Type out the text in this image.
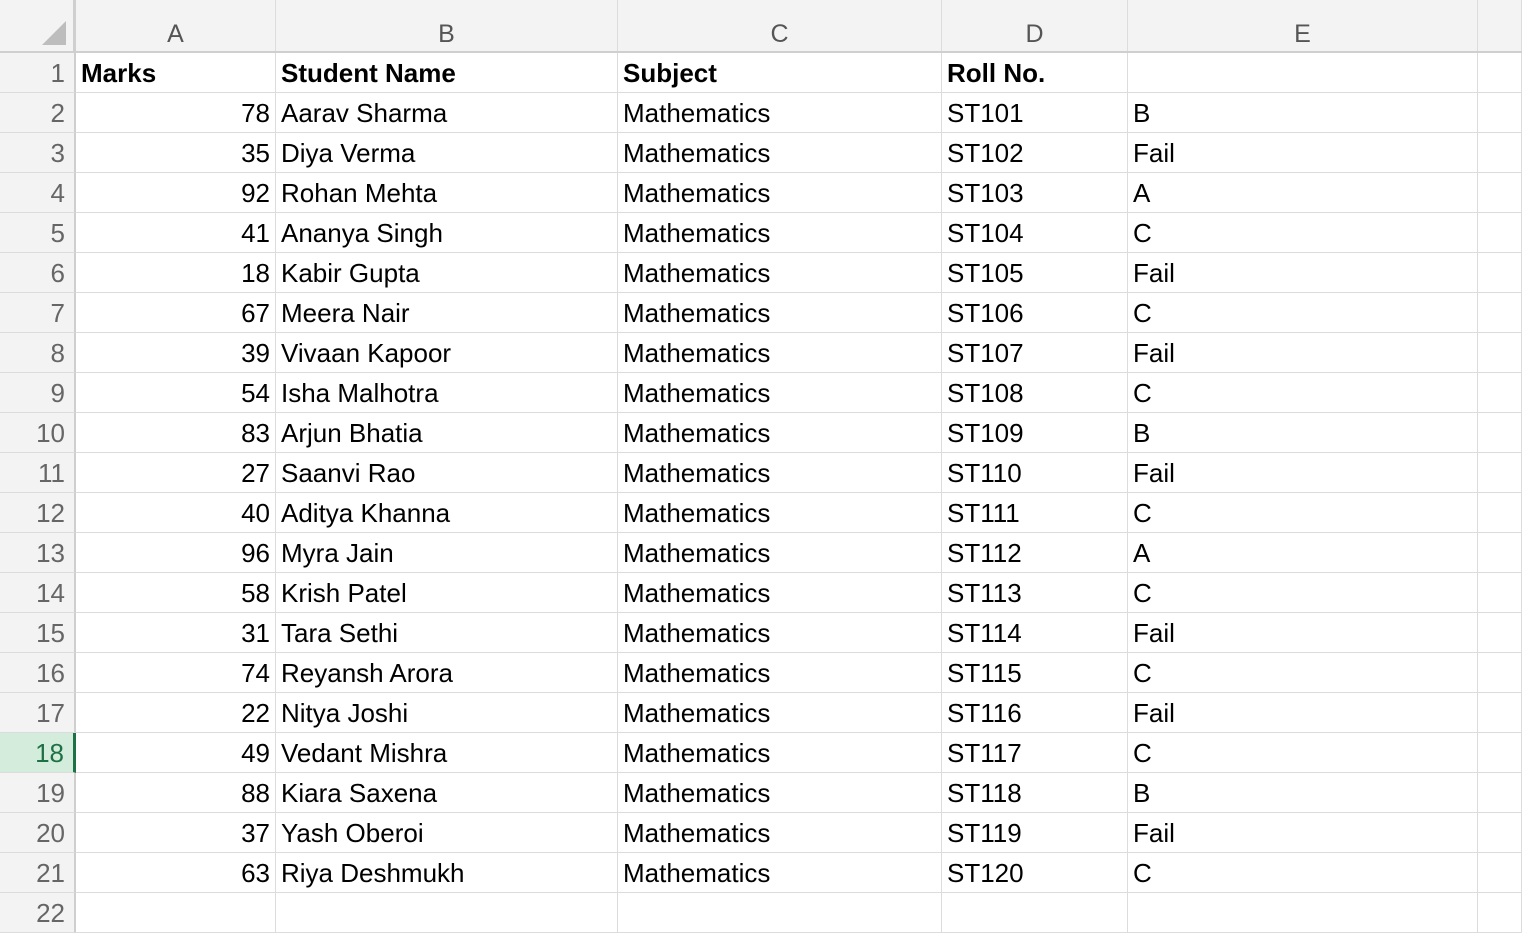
A	B	C	D	E
1 Marks	Student Name	Subject	Roll No.
2	78 Aarav Sharma	Mathematics	ST101	B
3	35 Diya Verma	Mathematics	ST102	Fail
4	92 Rohan Mehta	Mathematics	ST103	A
5	41 Ananya Singh	Mathematics	ST104	C
6	18 Kabir Gupta	Mathematics	ST105	Fail
7	67 Meera Nair	Mathematics	ST106	C
8	39 Vivaan Kapoor	Mathematics	ST107	Fail
9	54 Isha Malhotra	Mathematics	ST108	C
10	83 Arjun Bhatia	Mathematics	ST109	B
11	27 Saanvi Rao	Mathematics	ST110	Fail
12	40 Aditya Khanna	Mathematics	ST111	C
13	96 Myra Jain	Mathematics	ST112	A
14	58 Krish Patel	Mathematics	ST113	C
15	31 Tara Sethi	Mathematics	ST114	Fail
16	74 Reyansh Arora	Mathematics	ST115	C
17	22 Nitya Joshi	Mathematics	ST116	Fail
18	49 Vedant Mishra	Mathematics	ST117	C
19	88 Kiara Saxena	Mathematics	ST118	B
20	37 Yash Oberoi	Mathematics	ST119	Fail
21	63 Riya Deshmukh	Mathematics	ST120	C
22
